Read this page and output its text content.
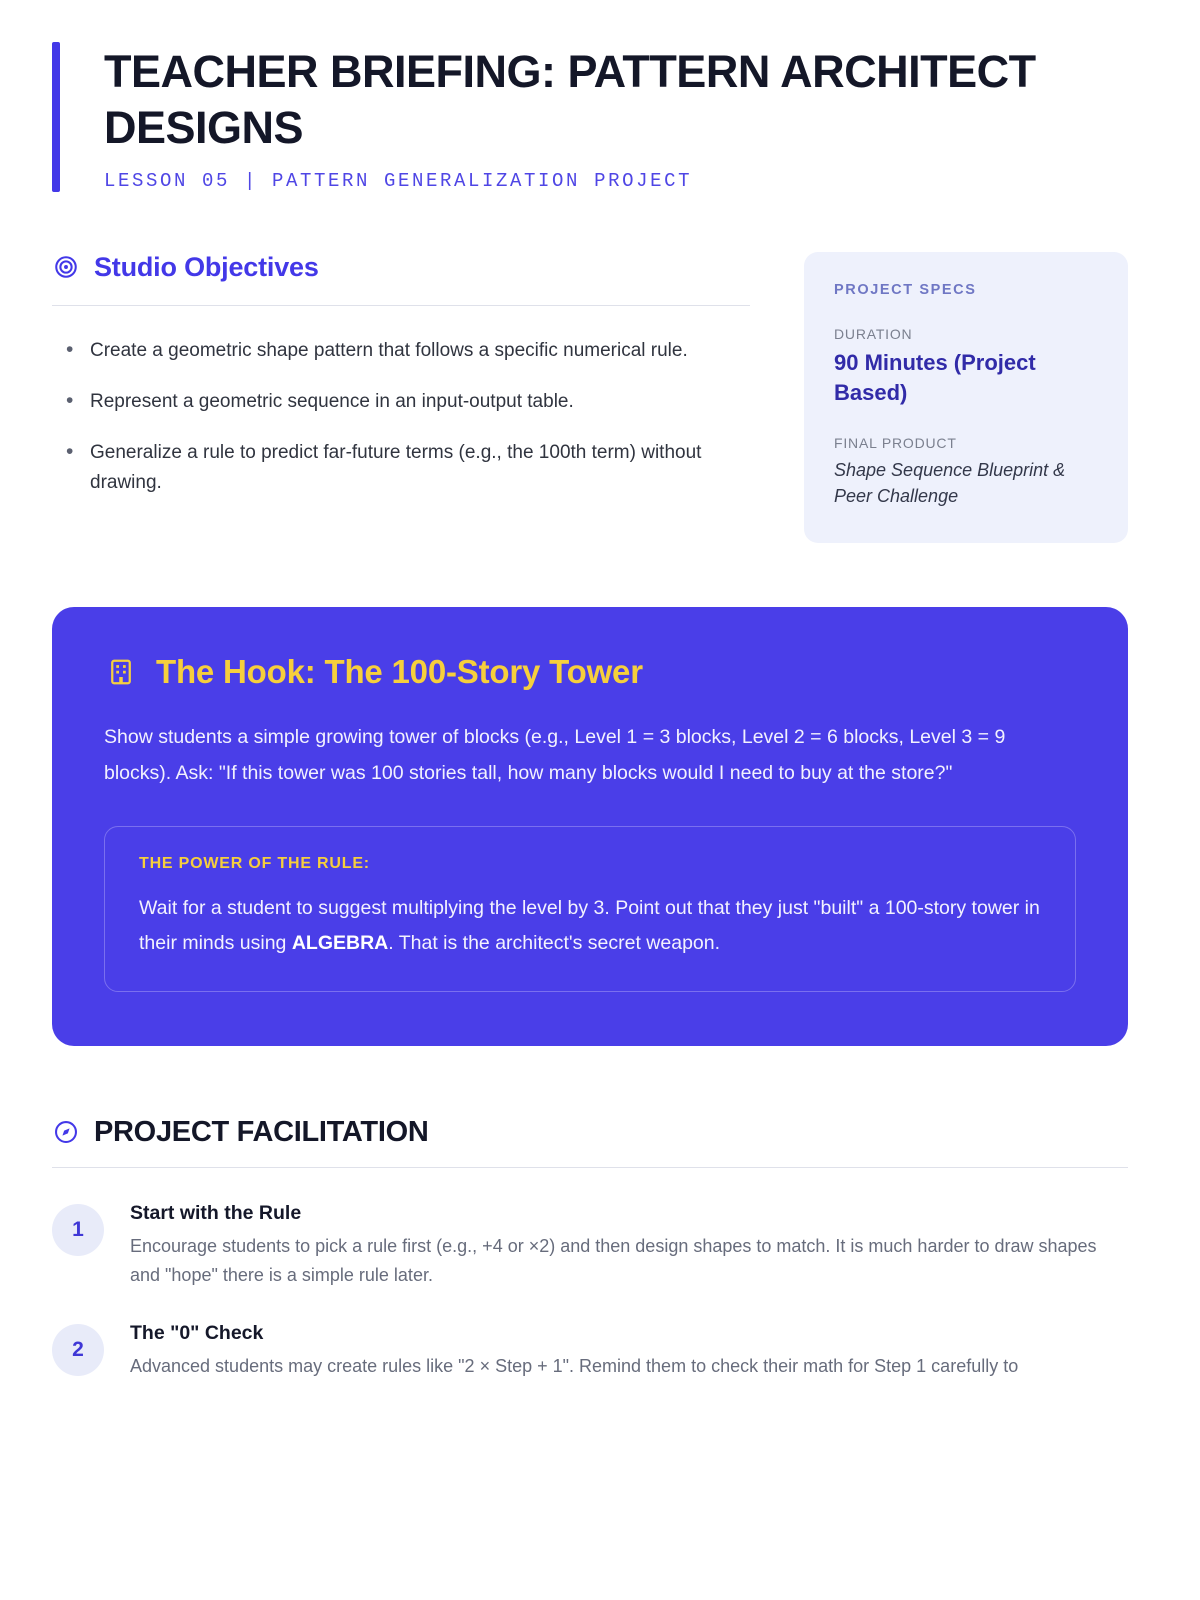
TEACHER BRIEFING: PATTERN ARCHITECT DESIGNS
LESSON 05 | PATTERN GENERALIZATION PROJECT
Studio Objectives
• Create a geometric shape pattern that follows a specific numerical rule.
• Represent a geometric sequence in an input-output table.
• Generalize a rule to predict far-future terms (e.g., the 100th term) without drawing.
PROJECT SPECS
DURATION
90 Minutes (Project Based)
FINAL PRODUCT
Shape Sequence Blueprint & Peer Challenge
The Hook: The 100-Story Tower
Show students a simple growing tower of blocks (e.g., Level 1 = 3 blocks, Level 2 = 6 blocks, Level 3 = 9 blocks). Ask: "If this tower was 100 stories tall, how many blocks would I need to buy at the store?"
THE POWER OF THE RULE:
Wait for a student to suggest multiplying the level by 3. Point out that they just "built" a 100-story tower in their minds using ALGEBRA. That is the architect's secret weapon.
PROJECT FACILITATION
1
Start with the Rule
Encourage students to pick a rule first (e.g., +4 or ×2) and then design shapes to match. It is much harder to draw shapes and "hope" there is a simple rule later.
2
The "0" Check
Advanced students may create rules like "2 × Step + 1". Remind them to check their math for Step 1 carefully to
